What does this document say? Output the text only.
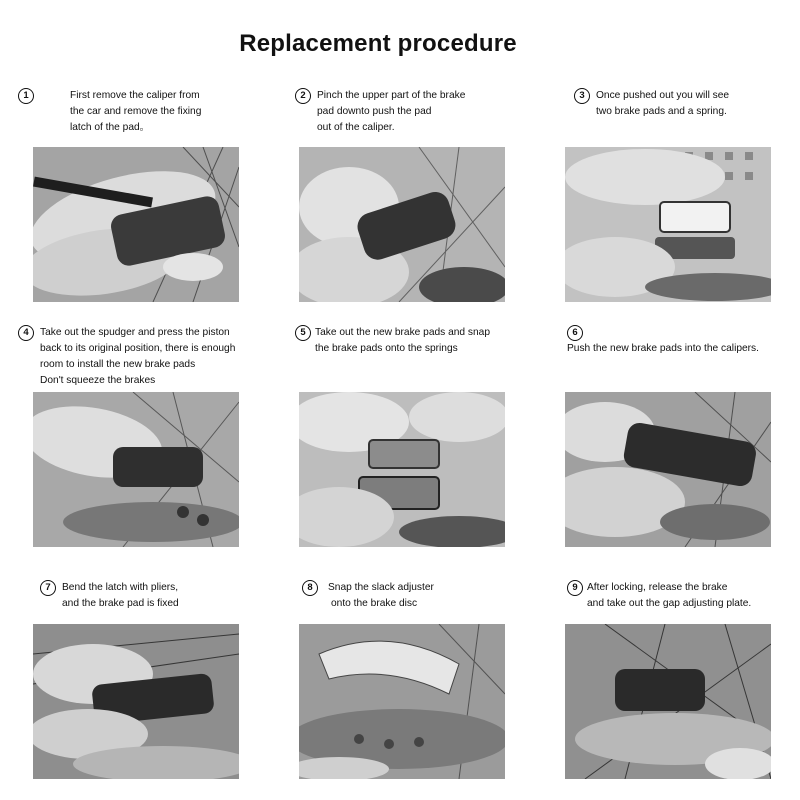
Replacement procedure
1	First remove the caliper from
the car and remove the fixing
latch of the pad。
2	Pinch the upper part of the brake
pad downto push the pad
out of the caliper.
3	Once pushed out you will see
two brake pads and a spring.
4	Take out the spudger and press the piston
back to its original position, there is enough
room to install the new brake pads
Don't squeeze the brakes
5 Take out the new brake pads and snap
the brake pads onto the springs
6
Push the new brake pads into the calipers.
7	Bend the latch with pliers,
and the brake pad is fixed
8	Snap the slack adjuster
onto the brake disc
9 After locking, release the brake
and take out the gap adjusting plate.
